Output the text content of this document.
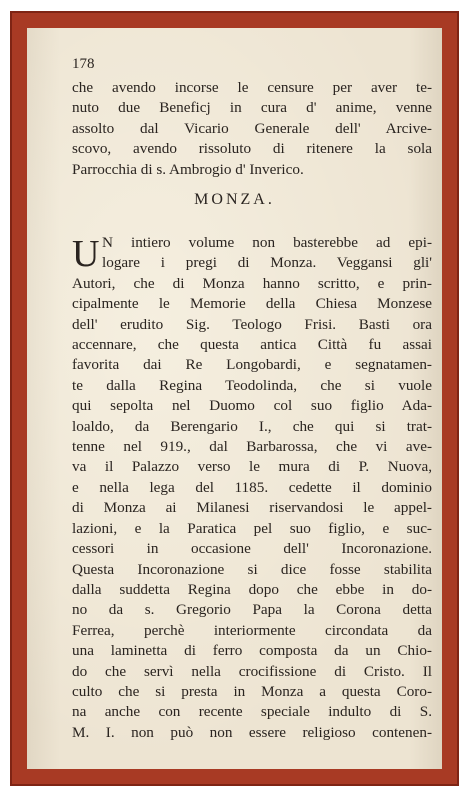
178
che avendo incorse le censure per aver te-
nuto due Beneficj in cura d' anime, venne
assolto dal Vicario Generale dell' Arcive-
scovo, avendo rissoluto di ritenere la sola
Parrocchia di s. Ambrogio d' Inverico.
MONZA.
U N intiero volume non basterebbe ad epi-
logare i pregi di Monza. Veggansi gli'
Autori, che di Monza hanno scritto, e prin-
cipalmente le Memorie della Chiesa Monzese
dell' erudito Sig. Teologo Frisi. Basti ora
accennare, che questa antica Città fu assai
favorita dai Re Longobardi, e segnatamen-
te dalla Regina Teodolinda, che si vuole
qui sepolta nel Duomo col suo figlio Ada-
loaldo, da Berengario I., che qui si trat-
tenne nel 919., dal Barbarossa, che vi ave-
va il Palazzo verso le mura di P. Nuova,
e nella lega del 1185. cedette il dominio
di Monza ai Milanesi riservandosi le appel-
lazioni, e la Paratica pel suo figlio, e suc-
cessori in occasione dell' Incoronazione.
Questa Incoronazione si dice fosse stabilita
dalla suddetta Regina dopo che ebbe in do-
no da s. Gregorio Papa la Corona detta
Ferrea, perchè interiormente circondata da
una laminetta di ferro composta da un Chio-
do che servì nella crocifissione di Cristo. Il
culto che si presta in Monza a questa Coro-
na anche con recente speciale indulto di S.
M. I. non può non essere religioso contenen-
